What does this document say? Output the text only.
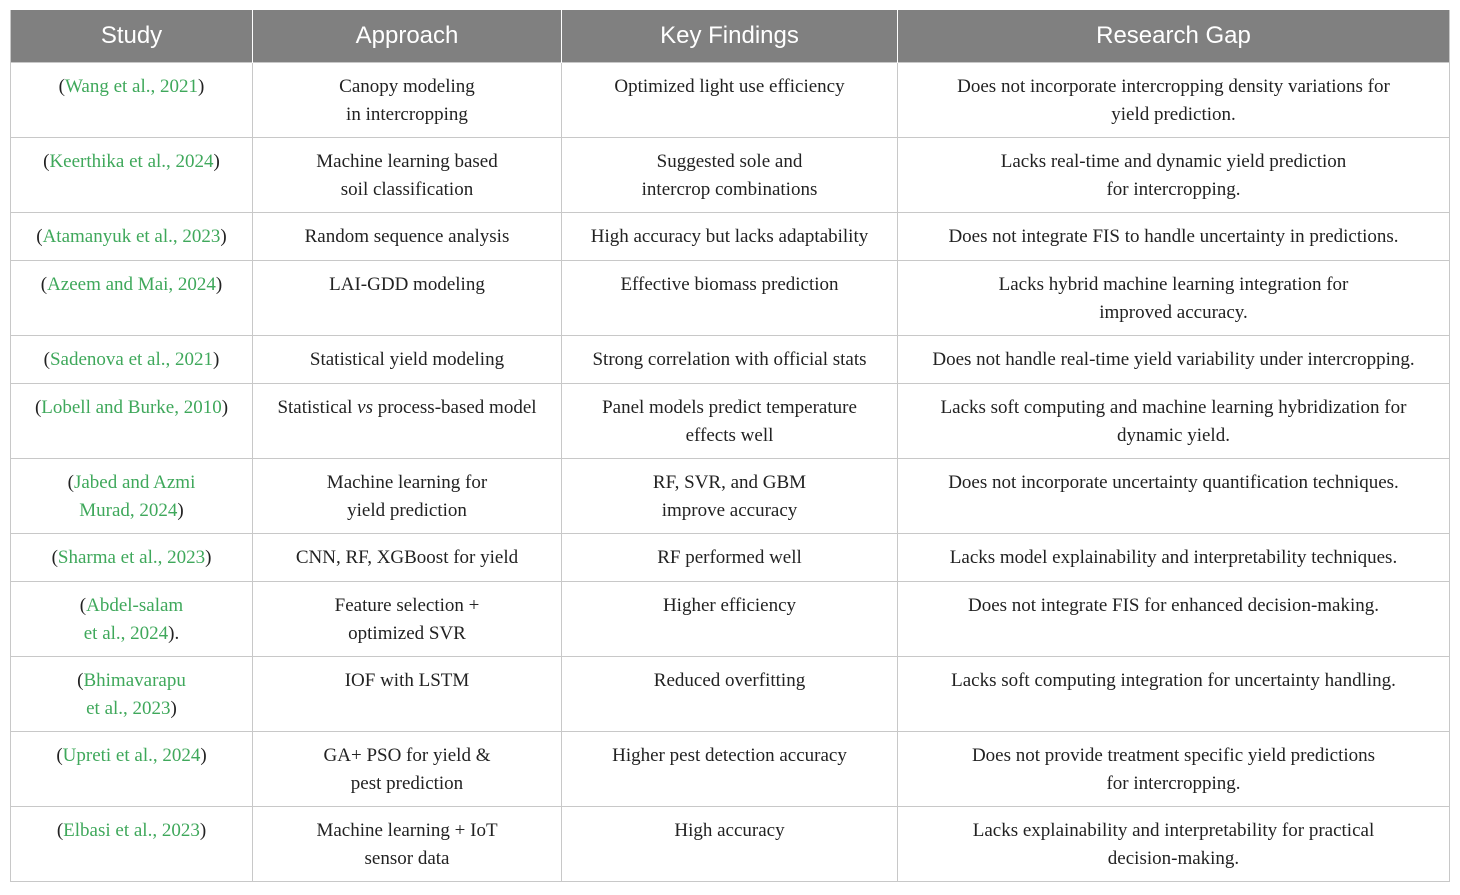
Study	Approach	Key Findings	Research Gap

(Wang et al., 2021)	Canopy modeling
in intercropping	Optimized light use efficiency	Does not incorporate intercropping density variations for
yield prediction.

(Keerthika et al., 2024)	Machine learning based
soil classification	Suggested sole and
intercrop combinations	Lacks real-time and dynamic yield prediction
for intercropping.

(Atamanyuk et al., 2023)	Random sequence analysis	High accuracy but lacks adaptability	Does not integrate FIS to handle uncertainty in predictions.

(Azeem and Mai, 2024)	LAI-GDD modeling	Effective biomass prediction	Lacks hybrid machine learning integration for
improved accuracy.

(Sadenova et al., 2021)	Statistical yield modeling	Strong correlation with official stats	Does not handle real-time yield variability under intercropping.

(Lobell and Burke, 2010)	Statistical vs process-based model	Panel models predict temperature
effects well	Lacks soft computing and machine learning hybridization for
dynamic yield.

(Jabed and Azmi
Murad, 2024)	Machine learning for
yield prediction	RF, SVR, and GBM
improve accuracy	Does not incorporate uncertainty quantification techniques.

(Sharma et al., 2023)	CNN, RF, XGBoost for yield	RF performed well	Lacks model explainability and interpretability techniques.

(Abdel-salam
et al., 2024).	Feature selection +
optimized SVR	Higher efficiency	Does not integrate FIS for enhanced decision-making.

(Bhimavarapu
et al., 2023)	IOF with LSTM	Reduced overfitting	Lacks soft computing integration for uncertainty handling.

(Upreti et al., 2024)	GA+ PSO for yield &
pest prediction	Higher pest detection accuracy	Does not provide treatment specific yield predictions
for intercropping.

(Elbasi et al., 2023)	Machine learning + IoT
sensor data	High accuracy	Lacks explainability and interpretability for practical
decision-making.
